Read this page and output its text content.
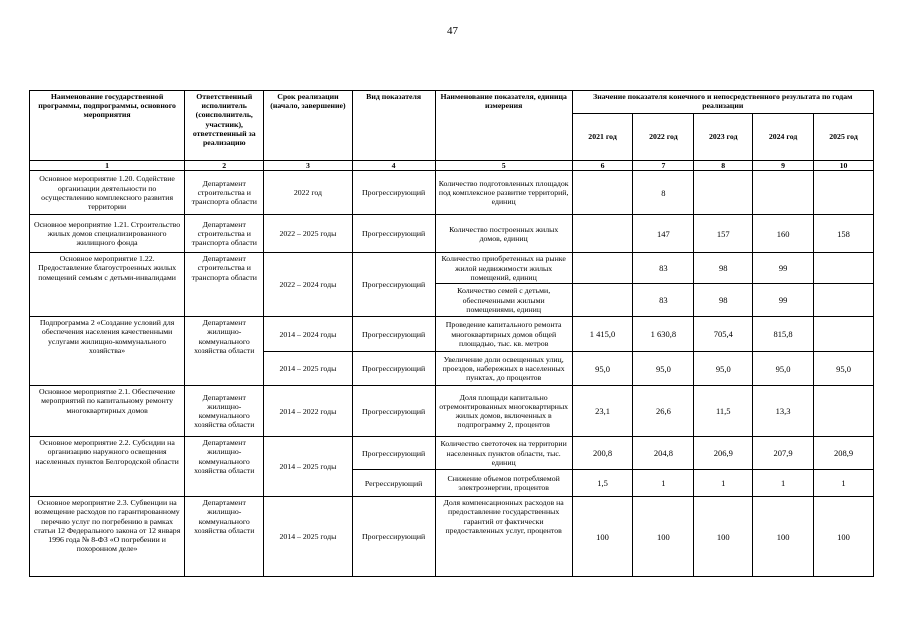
47
Наименование государственной программы, подпрограммы, основного мероприятия	Ответственный исполнитель (соисполнитель, участник), ответственный за реализацию	Срок реализации (начало, завершение)	Вид показателя	Наименование показателя, единица измерения	Значение показателя конечного и непосредственного результата по годам реализации				
					2021 год	2022 год	2023 год	2024 год	2025 год
1	2	3	4	5	6	7	8	9	10
Основное мероприятие 1.20. Содействие организации деятельности по осуществлению комплексного развития территории	Департамент строительства и транспорта области	2022 год	Прогрессирующий	Количество подготовленных площадок под комплексное развитие территорий, единиц		8			
Основное мероприятие 1.21. Строительство жилых домов специализированного жилищного фонда	Департамент строительства и транспорта области	2022 – 2025 годы	Прогрессирующий	Количество построенных жилых домов, единиц		147	157	160	158
Основное мероприятие 1.22. Предоставление благоустроенных жилых помещений семьям с детьми-инвалидами	Департамент строительства и транспорта области	2022 – 2024 годы	Прогрессирующий	Количество приобретенных на рынке жилой недвижимости жилых помещений, единиц		83	98	99	
				Количество семей с детьми, обеспеченными жилыми помещениями, единиц		83	98	99	
Подпрограмма 2 «Создание условий для обеспечения населения качественными услугами жилищно-коммунального хозяйства»	Департамент жилищно-коммунального хозяйства области	2014 – 2024 годы	Прогрессирующий	Проведение капитального ремонта многоквартирных домов общей площадью, тыс. кв. метров	1 415,0	1 630,8	705,4	815,8	
		2014 – 2025 годы	Прогрессирующий	Увеличение доли освещенных улиц, проездов, набережных в населенных пунктах, до процентов	95,0	95,0	95,0	95,0	95,0
Основное мероприятие 2.1. Обеспечение мероприятий по капитальному ремонту многоквартирных домов	Департамент жилищно-коммунального хозяйства области	2014 – 2022 годы	Прогрессирующий	Доля площади капитально отремонтированных многоквартирных жилых домов, включенных в подпрограмму 2, процентов	23,1	26,6	11,5	13,3	
Основное мероприятие 2.2. Субсидии на организацию наружного освещения населенных пунктов Белгородской области	Департамент жилищно-коммунального хозяйства области	2014 – 2025 годы	Прогрессирующий	Количество светоточек на территории населенных пунктов области, тыс. единиц	200,8	204,8	206,9	207,9	208,9
			Регрессирующий	Снижение объемов потребляемой электроэнергии, процентов	1,5	1	1	1	1
Основное мероприятие 2.3. Субвенции на возмещение расходов по гарантированному перечню услуг по погребению в рамках статьи 12 Федерального закона от 12 января 1996 года № 8-ФЗ «О погребении и похоронном деле»	Департамент жилищно-коммунального хозяйства области	2014 – 2025 годы	Прогрессирующий	Доля компенсационных расходов на предоставление государственных гарантий от фактически предоставленных услуг, процентов	100	100	100	100	100
